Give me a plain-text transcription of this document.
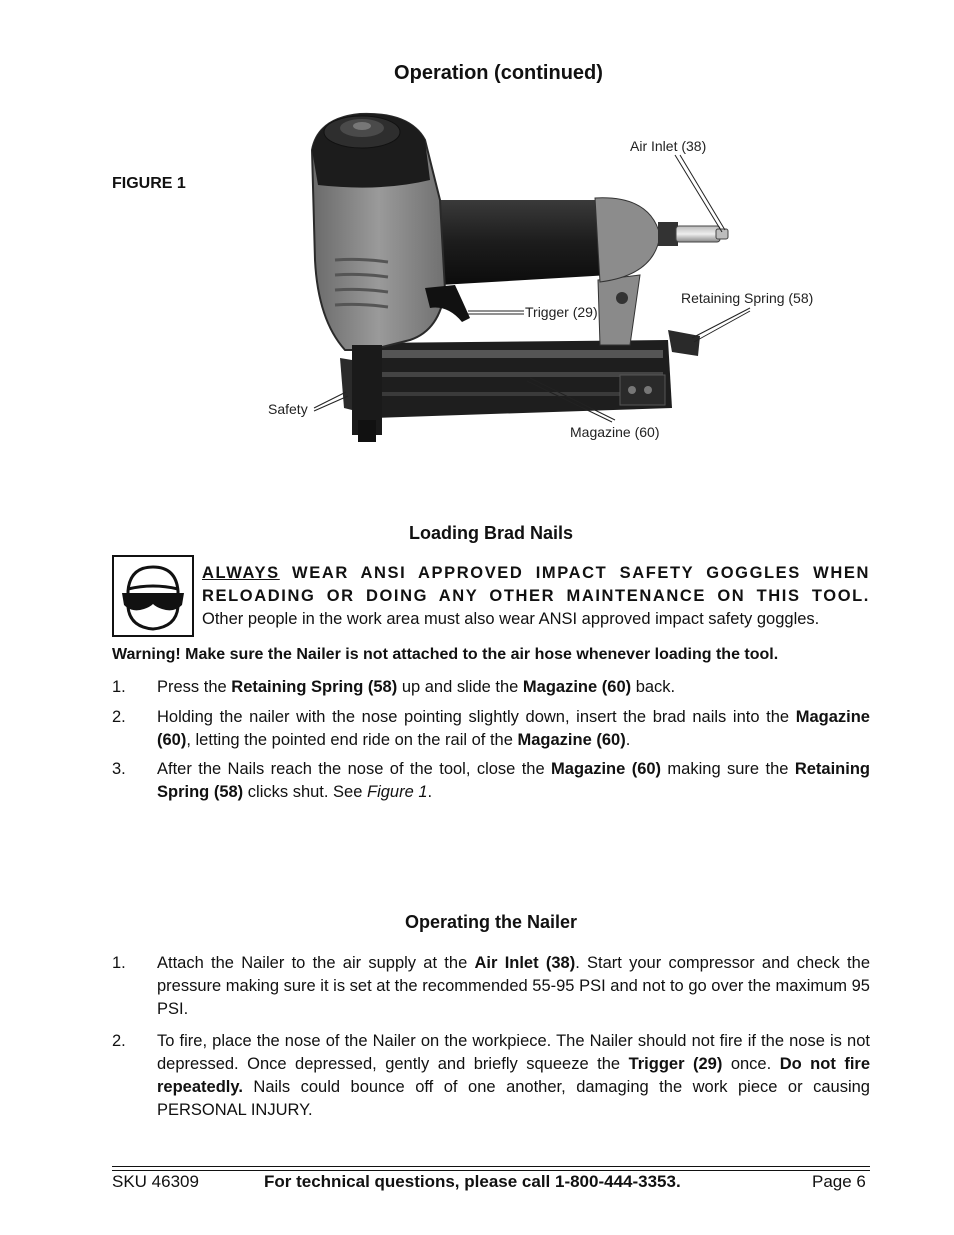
Operation (continued)
FIGURE 1
Air Inlet (38)
Retaining Spring (58)
Trigger (29)
Safety
Magazine (60)
Loading Brad Nails
ALWAYS WEAR ANSI APPROVED IMPACT SAFETY GOGGLES WHEN RELOADING OR DOING ANY OTHER MAINTENANCE ON THIS TOOL. Other people in the work area must also wear ANSI approved impact safety goggles.
Warning! Make sure the Nailer is not attached to the air hose whenever loading the tool.
1. Press the Retaining Spring (58) up and slide the Magazine (60) back.
2. Holding the nailer with the nose pointing slightly down, insert the brad nails into the Magazine (60), letting the pointed end ride on the rail of the Magazine (60).
3. After the Nails reach the nose of the tool, close the Magazine (60) making sure the Retaining Spring (58) clicks shut. See Figure 1.
Operating the Nailer
1. Attach the Nailer to the air supply at the Air Inlet (38). Start your compressor and check the pressure making sure it is set at the recommended 55-95 PSI and not to go over the maximum 95 PSI.
2. To fire, place the nose of the Nailer on the workpiece. The Nailer should not fire if the nose is not depressed. Once depressed, gently and briefly squeeze the Trigger (29) once. Do not fire repeatedly. Nails could bounce off of one another, damaging the work piece or causing PERSONAL INJURY.
SKU 46309	For technical questions, please call 1-800-444-3353.	Page 6
